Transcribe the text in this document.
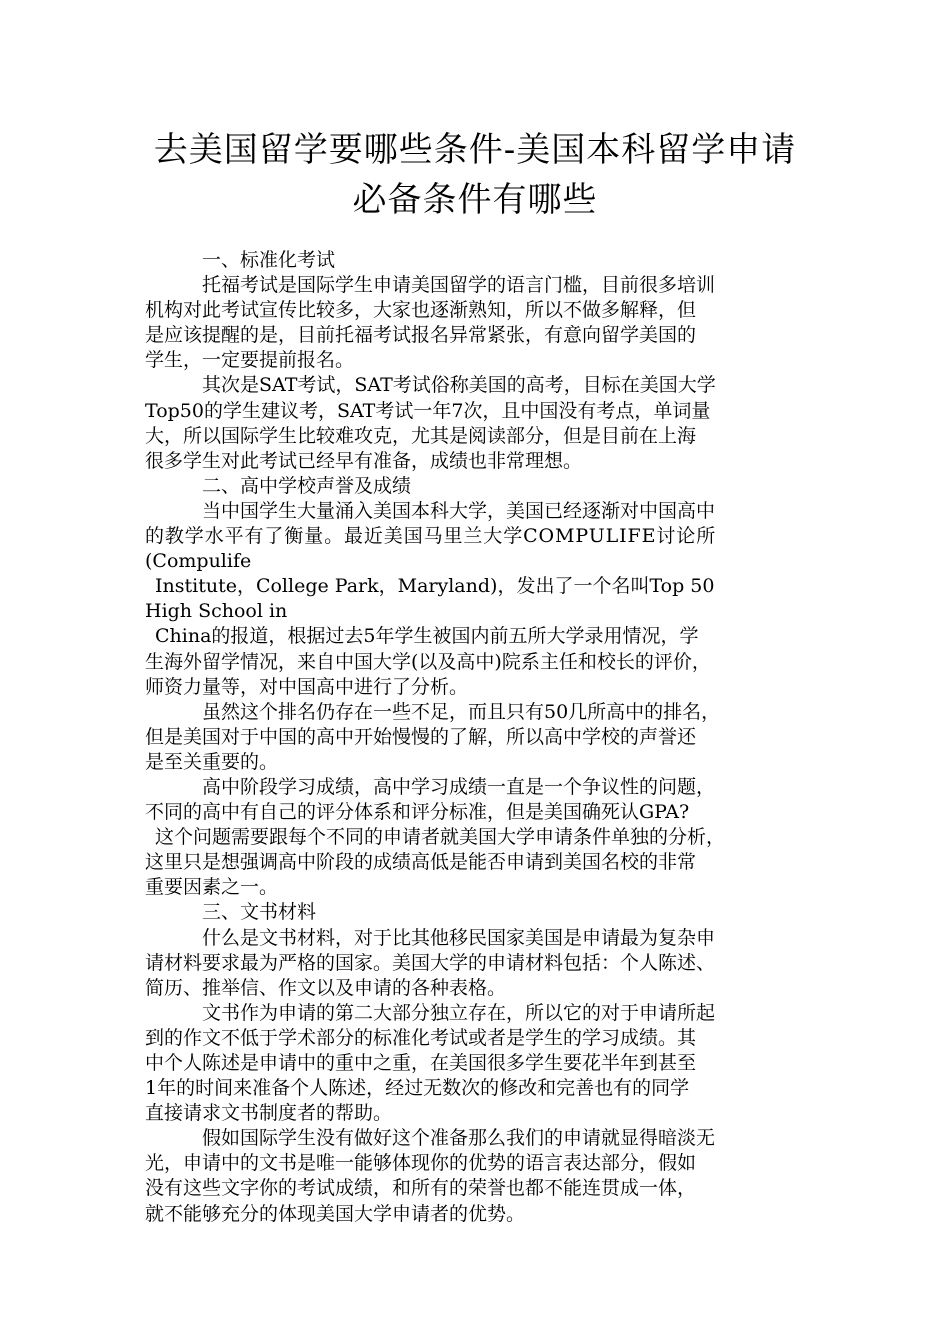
去美国留学要哪些条件-美国本科留学申请
必备条件有哪些

一、标准化考试

托福考试是国际学生申请美国留学的语言门槛，目前很多培训

机构对此考试宣传比较多，大家也逐渐熟知，所以不做多解释，但

是应该提醒的是，目前托福考试报名异常紧张，有意向留学美国的

学生，一定要提前报名。

其次是SAT考试，SAT考试俗称美国的高考，目标在美国大学

Top50的学生建议考，SAT考试一年7次，且中国没有考点，单词量

大，所以国际学生比较难攻克，尤其是阅读部分，但是目前在上海

很多学生对此考试已经早有准备，成绩也非常理想。

二、高中学校声誉及成绩

当中国学生大量涌入美国本科大学，美国已经逐渐对中国高中

的教学水平有了衡量。最近美国马里兰大学COMPULIFE讨论所

(Compulife

Institute，College Park，Maryland)，发出了一个名叫Top 50

High School in

China的报道，根据过去5年学生被国内前五所大学录用情况，学

生海外留学情况，来自中国大学(以及高中)院系主任和校长的评价，

师资力量等，对中国高中进行了分析。

虽然这个排名仍存在一些不足，而且只有50几所高中的排名，

但是美国对于中国的高中开始慢慢的了解，所以高中学校的声誉还

是至关重要的。

高中阶段学习成绩，高中学习成绩一直是一个争议性的问题，

不同的高中有自己的评分体系和评分标准，但是美国确死认GPA?

这个问题需要跟每个不同的申请者就美国大学申请条件单独的分析，

这里只是想强调高中阶段的成绩高低是能否申请到美国名校的非常

重要因素之一。

三、文书材料

什么是文书材料，对于比其他移民国家美国是申请最为复杂申

请材料要求最为严格的国家。美国大学的申请材料包括：个人陈述、

简历、推举信、作文以及申请的各种表格。

文书作为申请的第二大部分独立存在，所以它的对于申请所起

到的作文不低于学术部分的标准化考试或者是学生的学习成绩。其

中个人陈述是申请中的重中之重，在美国很多学生要花半年到甚至

1年的时间来准备个人陈述，经过无数次的修改和完善也有的同学

直接请求文书制度者的帮助。

假如国际学生没有做好这个准备那么我们的申请就显得暗淡无

光，申请中的文书是唯一能够体现你的优势的语言表达部分，假如

没有这些文字你的考试成绩，和所有的荣誉也都不能连贯成一体，

就不能够充分的体现美国大学申请者的优势。
